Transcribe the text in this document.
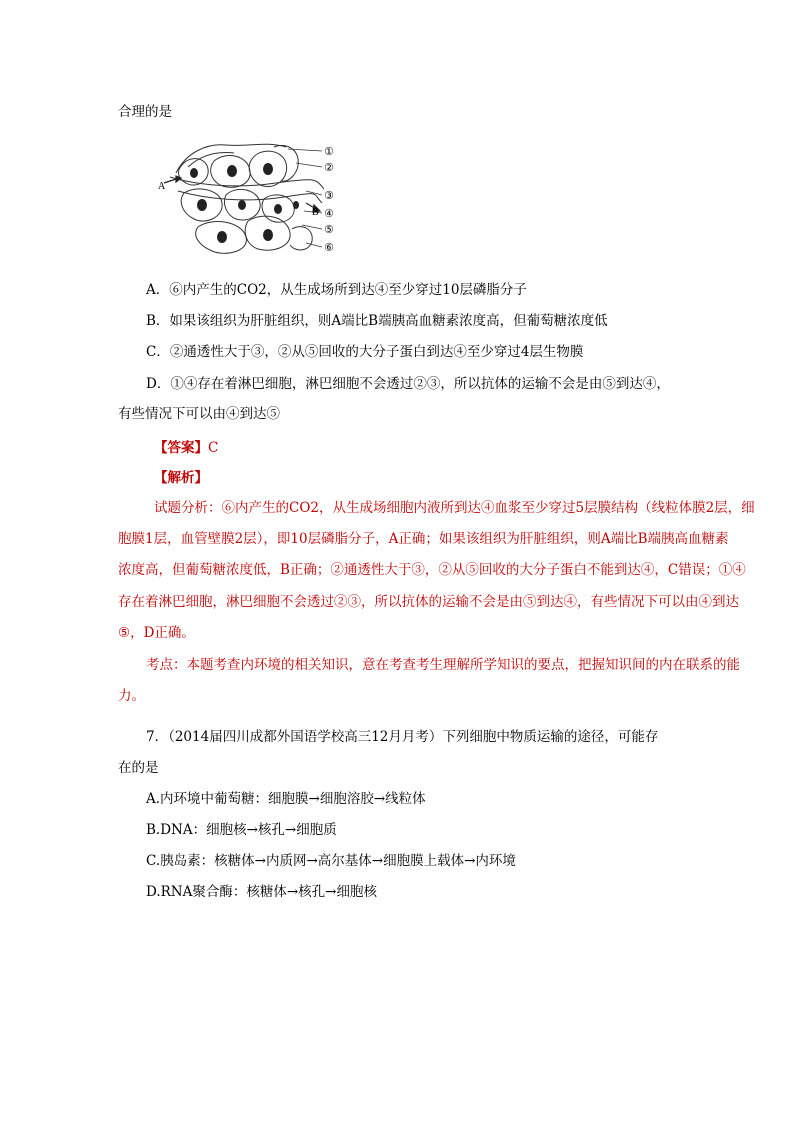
合理的是
A
B
①
②
③
④
⑤
⑥
A．⑥内产生的CO2，从生成场所到达④至少穿过10层磷脂分子
B．如果该组织为肝脏组织，则A端比B端胰高血糖素浓度高，但葡萄糖浓度低
C．②通透性大于③，②从⑤回收的大分子蛋白到达④至少穿过4层生物膜
D．①④存在着淋巴细胞，淋巴细胞不会透过②③，所以抗体的运输不会是由⑤到达④，
有些情况下可以由④到达⑤
【答案】C
【解析】
试题分析：⑥内产生的CO2，从生成场细胞内液所到达④血浆至少穿过5层膜结构（线粒体膜2层，细
胞膜1层，血管壁膜2层），即10层磷脂分子，A正确；如果该组织为肝脏组织，则A端比B端胰高血糖素
浓度高，但葡萄糖浓度低，B正确；②通透性大于③，②从⑤回收的大分子蛋白不能到达④，C错误；①④
存在着淋巴细胞，淋巴细胞不会透过②③，所以抗体的运输不会是由⑤到达④，有些情况下可以由④到达
⑤，D正确。
考点：本题考查内环境的相关知识，意在考查考生理解所学知识的要点，把握知识间的内在联系的能
力。
7．（2014届四川成都外国语学校高三12月月考）下列细胞中物质运输的途径，可能存
在的是
A.内环境中葡萄糖：细胞膜→细胞溶胶→线粒体
B.DNA：细胞核→核孔→细胞质
C.胰岛素：核糖体→内质网→高尔基体→细胞膜上载体→内环境
D.RNA聚合酶：核糖体→核孔→细胞核
